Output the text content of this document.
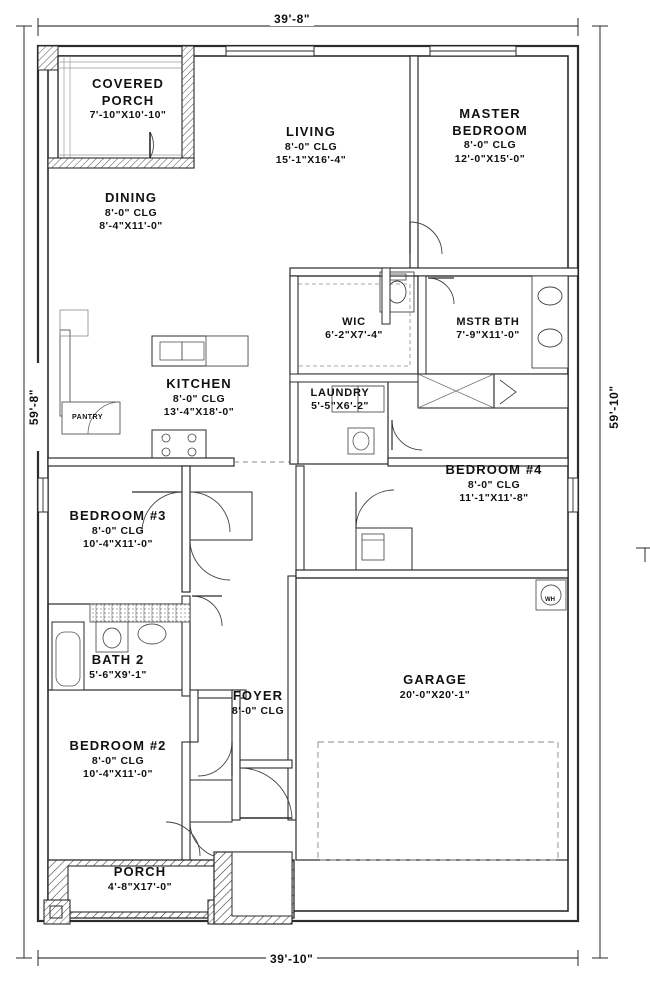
COVERED
PORCH
7'-10"X10'-10"
LIVING
8'-0" CLG
15'-1"X16'-4"
MASTER
BEDROOM
8'-0" CLG
12'-0"X15'-0"
DINING
8'-0" CLG
8'-4"X11'-0"
WIC
6'-2"X7'-4"
MSTR BTH
7'-9"X11'-0"
KITCHEN
8'-0" CLG
13'-4"X18'-0"
LAUNDRY
5'-5"X6'-2"
BEDROOM #4
8'-0" CLG
11'-1"X11'-8"
BEDROOM #3
8'-0" CLG
10'-4"X11'-0"
BATH 2
5'-6"X9'-1"
FOYER
8'-0" CLG
GARAGE
20'-0"X20'-1"
BEDROOM #2
8'-0" CLG
10'-4"X11'-0"
PORCH
4'-8"X17'-0"
PANTRY
WH
39'-8"
39'-10"
59'-8"	59'-10"
